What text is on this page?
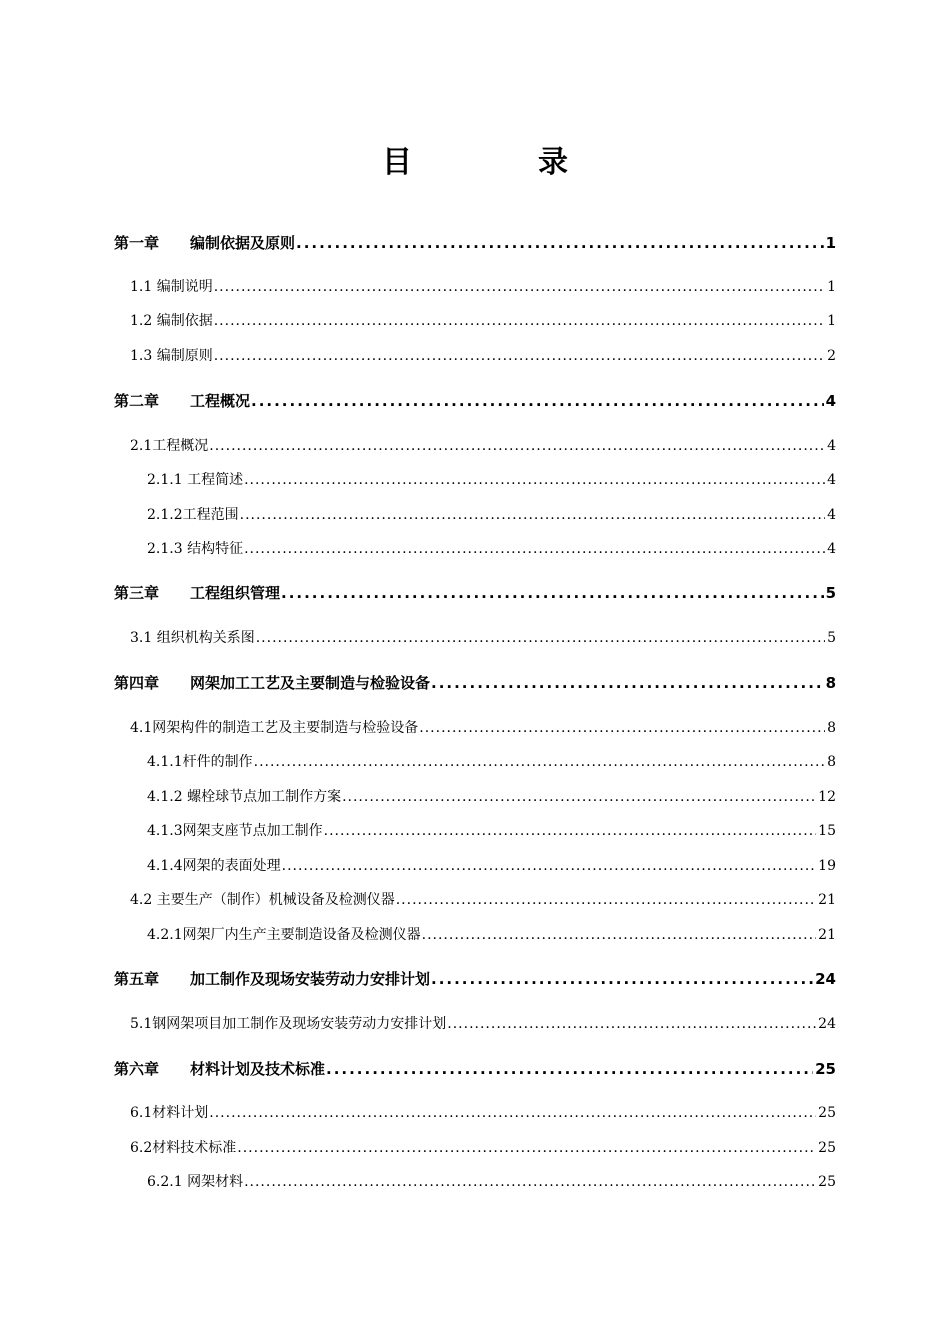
目　录
第一章 编制依据及原则 .....	1
1.1 编制说明 .....	1
1.2 编制依据 .....	1
1.3 编制原则 .....	2
第二章 工程概况 .....	4
2.1工程概况 .....	4
2.1.1 工程简述 .....	4
2.1.2工程范围 .....	4
2.1.3 结构特征 .....	4
第三章 工程组织管理 .....	5
3.1 组织机构关系图 .....	5
第四章 网架加工工艺及主要制造与检验设备 .....	8
4.1网架构件的制造工艺及主要制造与检验设备 .....	8
4.1.1杆件的制作 .....	8
4.1.2 螺栓球节点加工制作方案 .....	12
4.1.3网架支座节点加工制作 .....	15
4.1.4网架的表面处理 .....	19
4.2 主要生产（制作）机械设备及检测仪器 .....	21
4.2.1网架厂内生产主要制造设备及检测仪器 .....	21
第五章 加工制作及现场安装劳动力安排计划 .....	24
5.1钢网架项目加工制作及现场安装劳动力安排计划 .....	24
第六章 材料计划及技术标准 .....	25
6.1材料计划 .....	25
6.2材料技术标准 .....	25
6.2.1 网架材料 .....	25
